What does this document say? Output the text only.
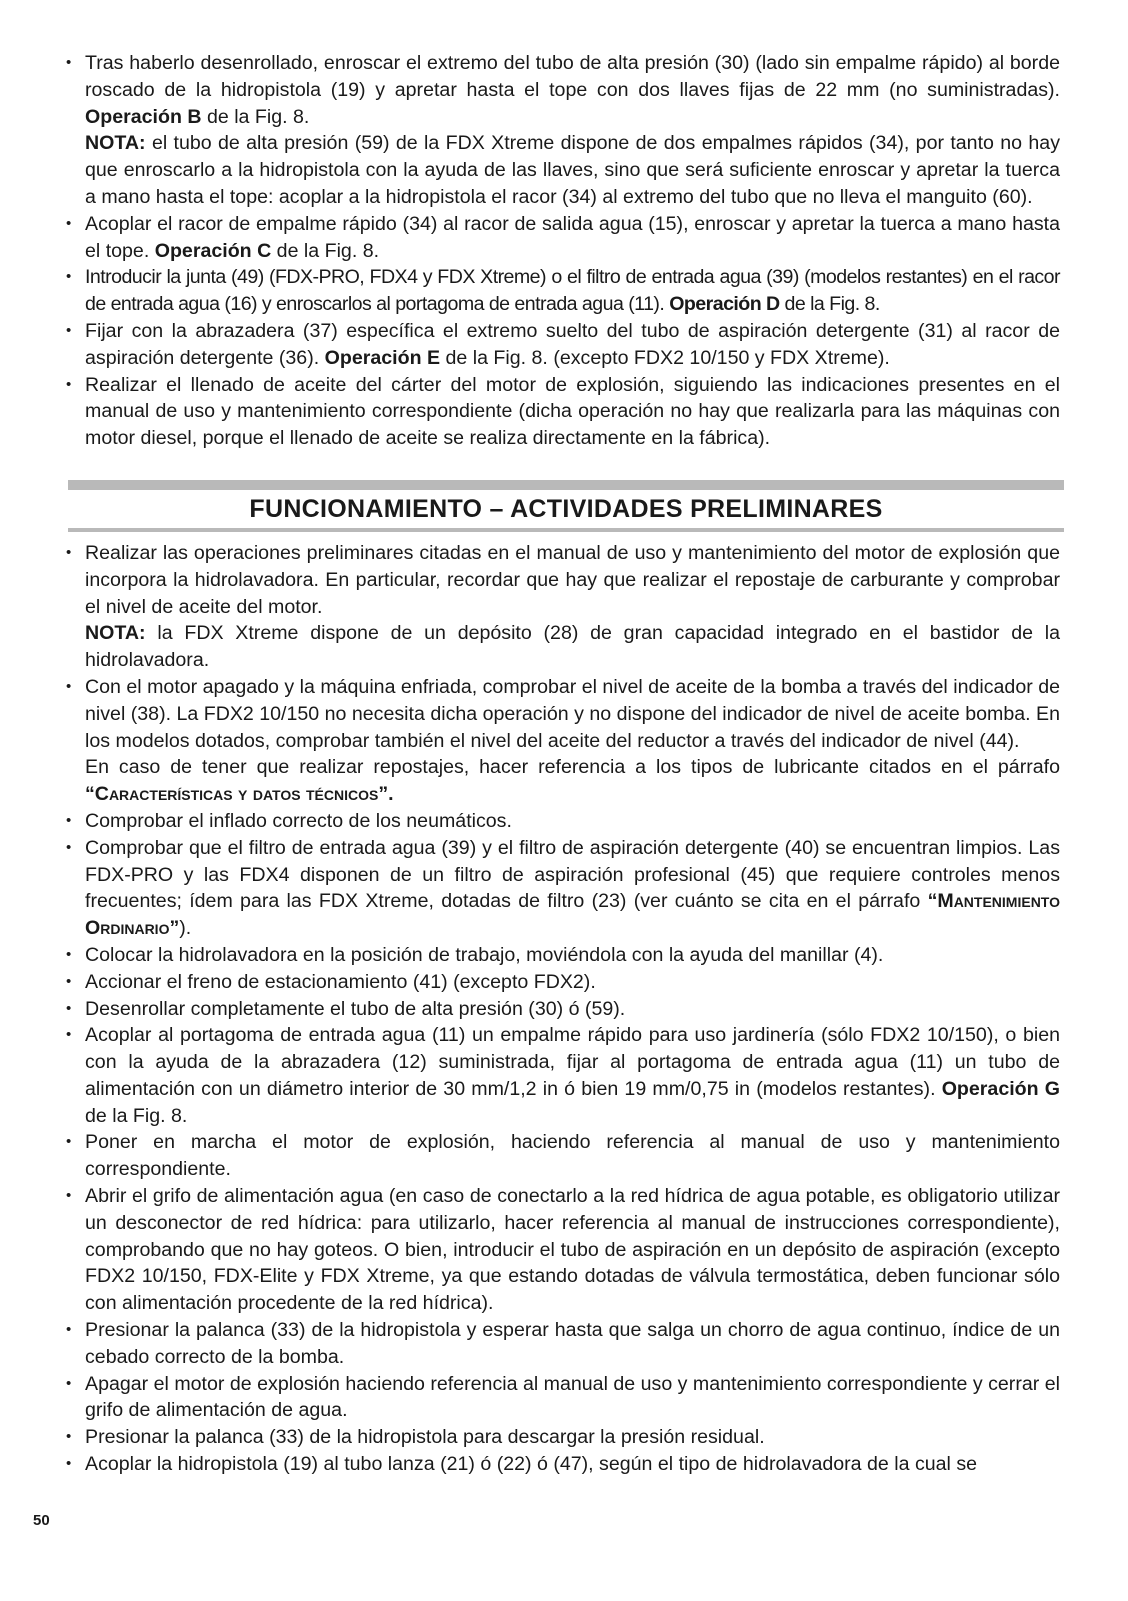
• Tras haberlo desenrollado, enroscar el extremo del tubo de alta presión (30) (lado sin empalme rápido) al borde roscado de la hidropistola (19) y apretar hasta el tope con dos llaves fijas de 22 mm (no suministradas). Operación B de la Fig. 8.
NOTA: el tubo de alta presión (59) de la FDX Xtreme dispone de dos empalmes rápidos (34), por tanto no hay que enroscarlo a la hidropistola con la ayuda de las llaves, sino que será suficiente enroscar y apretar la tuerca a mano hasta el tope: acoplar a la hidropistola el racor (34) al extremo del tubo que no lleva el manguito (60).
• Acoplar el racor de empalme rápido (34) al racor de salida agua (15), enroscar y apretar la tuerca a mano hasta el tope. Operación C de la Fig. 8.
• Introducir la junta (49) (FDX-PRO, FDX4 y FDX Xtreme) o el filtro de entrada agua (39) (modelos restantes) en el racor de entrada agua (16) y enroscarlos al portagoma de entrada agua (11). Operación D de la Fig. 8.
• Fijar con la abrazadera (37) específica el extremo suelto del tubo de aspiración detergente (31) al racor de aspiración detergente (36). Operación E de la Fig. 8. (excepto FDX2 10/150 y FDX Xtreme).
• Realizar el llenado de aceite del cárter del motor de explosión, siguiendo las indicaciones presentes en el manual de uso y mantenimiento correspondiente (dicha operación no hay que realizarla para las máquinas con motor diesel, porque el llenado de aceite se realiza directamente en la fábrica).
FUNCIONAMIENTO – ACTIVIDADES PRELIMINARES
• Realizar las operaciones preliminares citadas en el manual de uso y mantenimiento del motor de explosión que incorpora la hidrolavadora. En particular, recordar que hay que realizar el repostaje de carburante y comprobar el nivel de aceite del motor.
NOTA: la FDX Xtreme dispone de un depósito (28) de gran capacidad integrado en el bastidor de la hidrolavadora.
• Con el motor apagado y la máquina enfriada, comprobar el nivel de aceite de la bomba a través del indicador de nivel (38). La FDX2 10/150 no necesita dicha operación y no dispone del indicador de nivel de aceite bomba. En los modelos dotados, comprobar también el nivel del aceite del reductor a través del indicador de nivel (44).
En caso de tener que realizar repostajes, hacer referencia a los tipos de lubricante citados en el párrafo “Características y datos técnicos”.
• Comprobar el inflado correcto de los neumáticos.
• Comprobar que el filtro de entrada agua (39) y el filtro de aspiración detergente (40) se encuentran limpios. Las FDX-PRO y las FDX4 disponen de un filtro de aspiración profesional (45) que requiere controles menos frecuentes; ídem para las FDX Xtreme, dotadas de filtro (23) (ver cuánto se cita en el párrafo “Mantenimiento Ordinario”).
• Colocar la hidrolavadora en la posición de trabajo, moviéndola con la ayuda del manillar (4).
• Accionar el freno de estacionamiento (41) (excepto FDX2).
• Desenrollar completamente el tubo de alta presión (30) ó (59).
• Acoplar al portagoma de entrada agua (11) un empalme rápido para uso jardinería (sólo FDX2 10/150), o bien con la ayuda de la abrazadera (12) suministrada, fijar al portagoma de entrada agua (11) un tubo de alimentación con un diámetro interior de 30 mm/1,2 in ó bien 19 mm/0,75 in (modelos restantes). Operación G de la Fig. 8.
• Poner en marcha el motor de explosión, haciendo referencia al manual de uso y mantenimiento correspondiente.
• Abrir el grifo de alimentación agua (en caso de conectarlo a la red hídrica de agua potable, es obligatorio utilizar un desconector de red hídrica: para utilizarlo, hacer referencia al manual de instrucciones correspondiente), comprobando que no hay goteos. O bien, introducir el tubo de aspiración en un depósito de aspiración (excepto FDX2 10/150, FDX-Elite y FDX Xtreme, ya que estando dotadas de válvula termostática, deben funcionar sólo con alimentación procedente de la red hídrica).
• Presionar la palanca (33) de la hidropistola y esperar hasta que salga un chorro de agua continuo, índice de un cebado correcto de la bomba.
• Apagar el motor de explosión haciendo referencia al manual de uso y mantenimiento correspondiente y cerrar el grifo de alimentación de agua.
• Presionar la palanca (33) de la hidropistola para descargar la presión residual.
• Acoplar la hidropistola (19) al tubo lanza (21) ó (22) ó (47), según el tipo de hidrolavadora de la cual se
50
